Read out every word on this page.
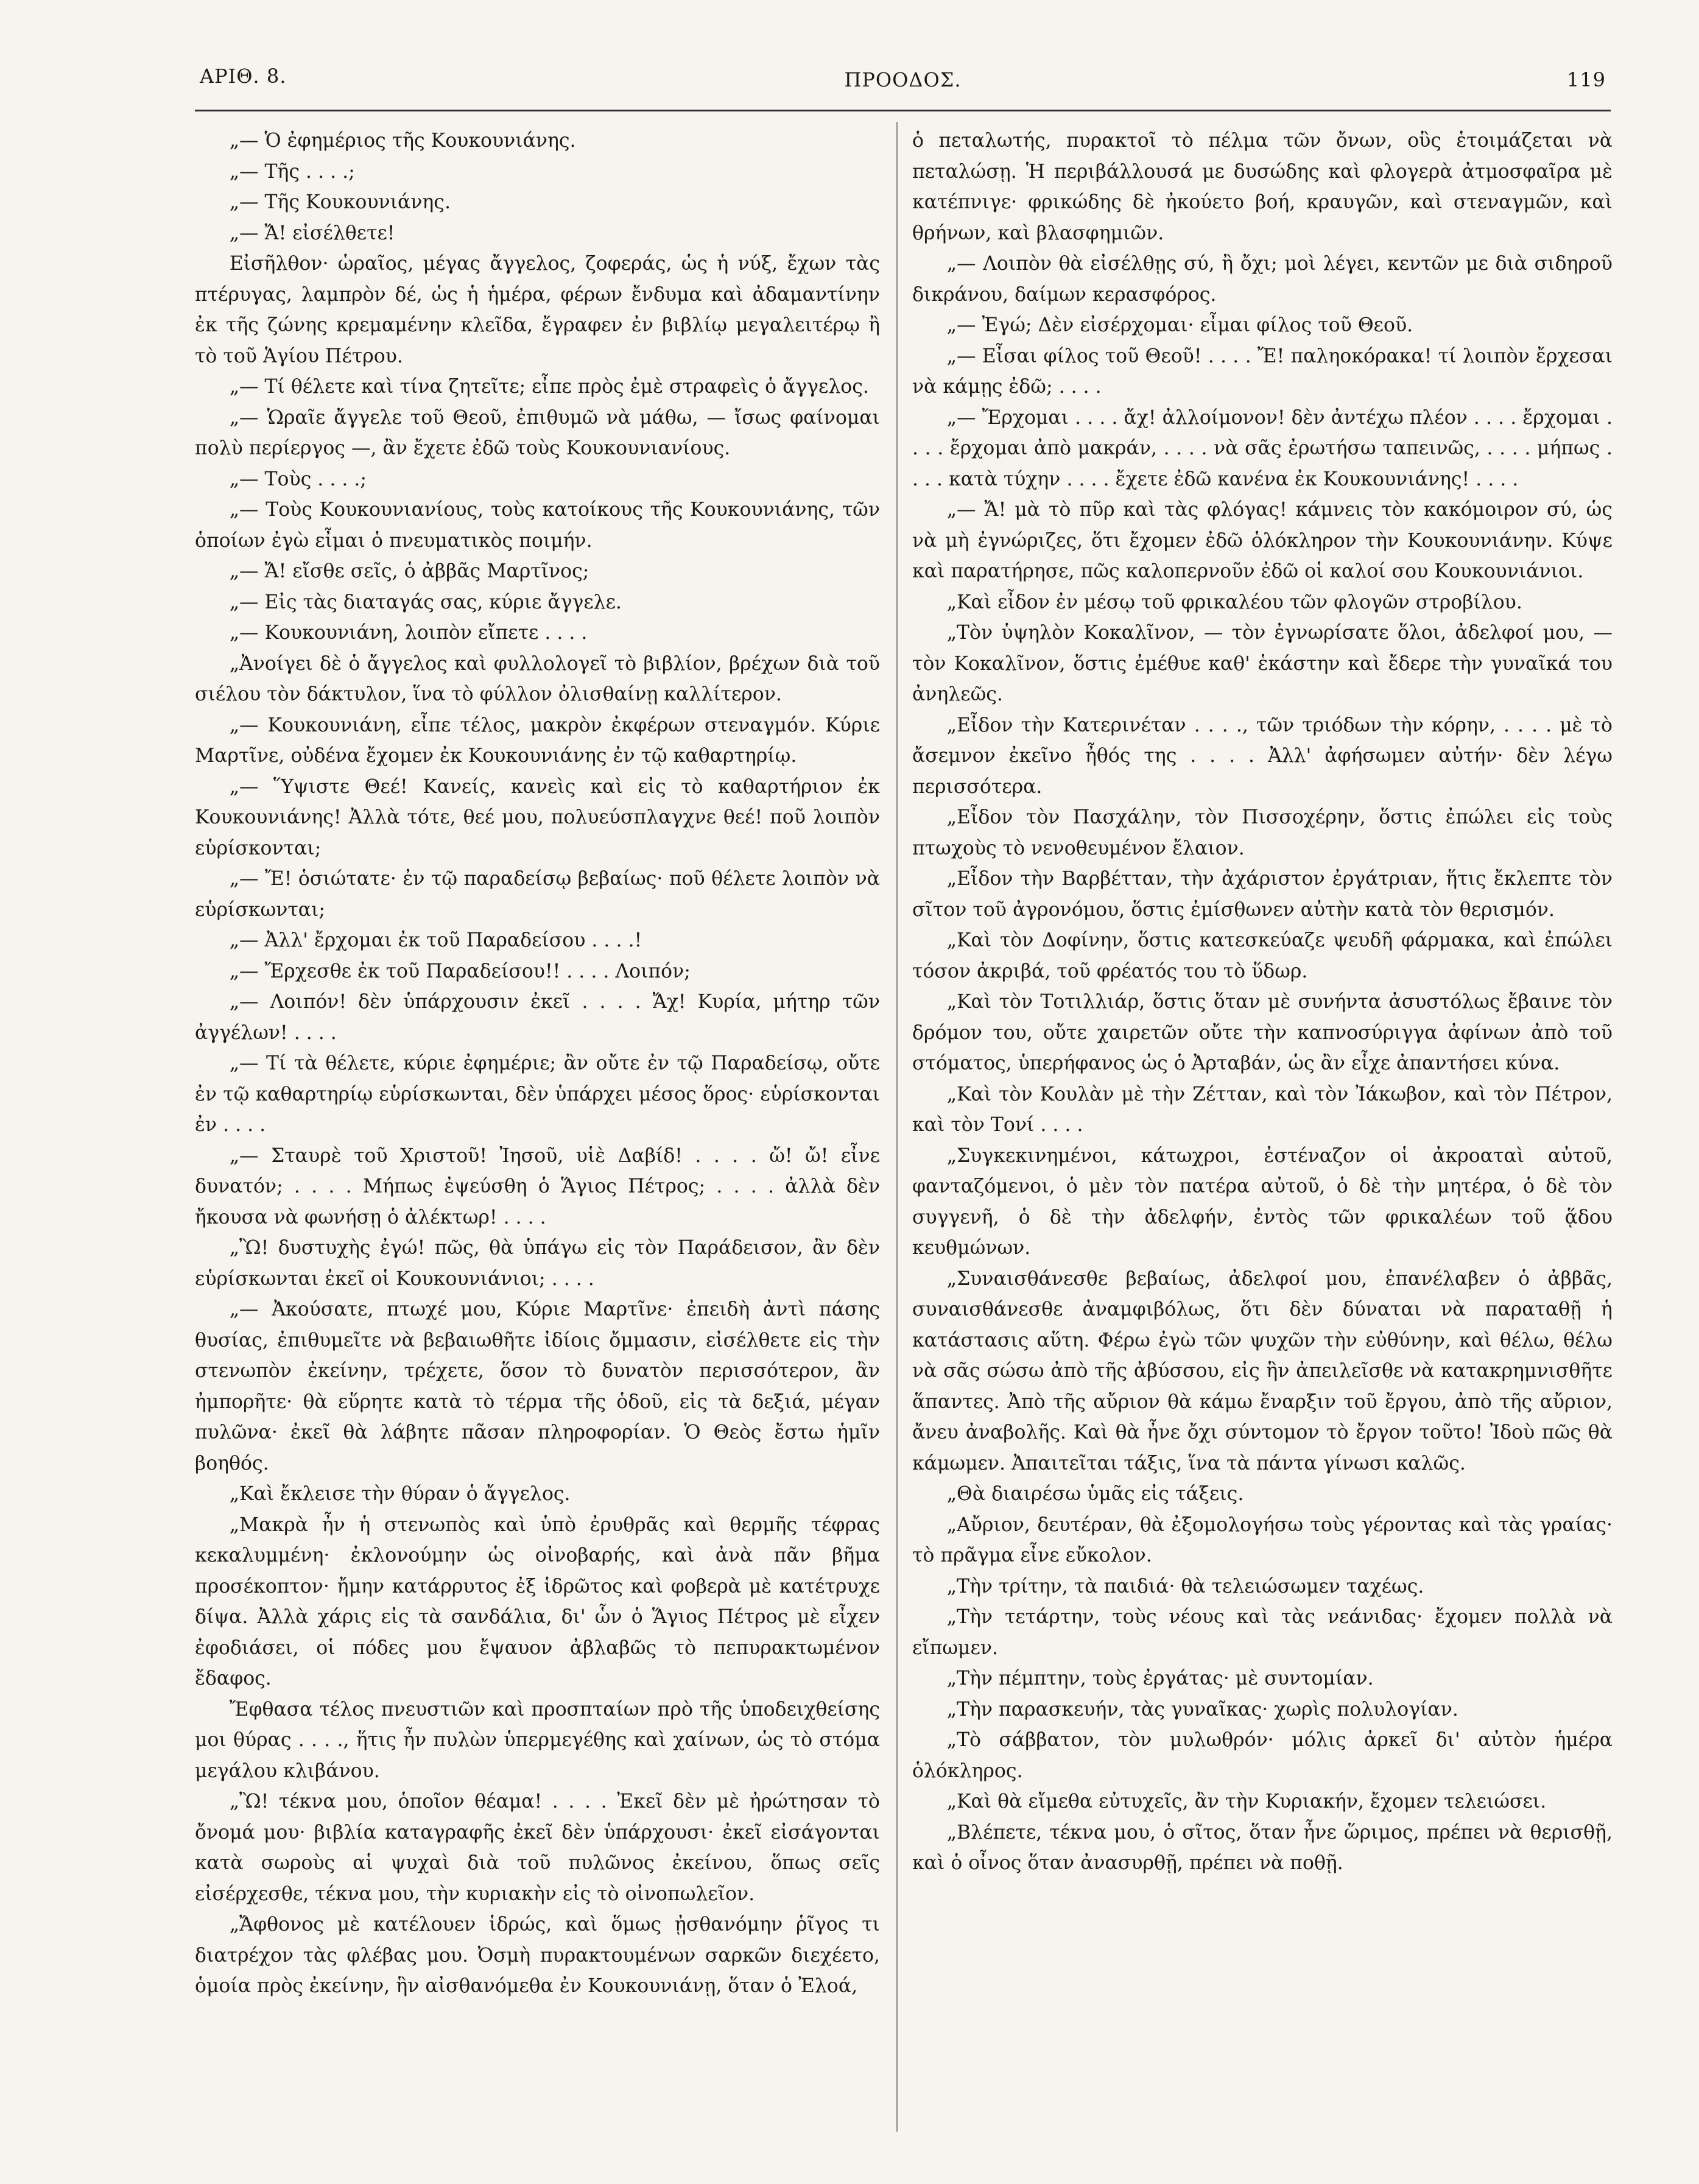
ΑΡΙΘ. 8.	ΠΡΟΟΔΟΣ.	119

„— Ὁ ἐφημέριος τῆς Κουκουνιάνης.

„— Τῆς . . . .;

„— Τῆς Κουκουνιάνης.

„— Ἄ! εἰσέλθετε!

Εἰσῆλθον· ὡραῖος, μέγας ἄγγελος, ζοφεράς, ὡς ἡ νύξ, ἔχων τὰς πτέρυγας, λαμπρὸν δέ, ὡς ἡ ἡμέρα, φέρων ἔνδυμα καὶ ἀδαμαντίνην ἐκ τῆς ζώνης κρεμαμένην κλεῖδα, ἔγραφεν ἐν βιβλίῳ μεγαλειτέρῳ ἢ τὸ τοῦ Ἁγίου Πέτρου.

„— Τί θέλετε καὶ τίνα ζητεῖτε; εἶπε πρὸς ἐμὲ στραφεὶς ὁ ἄγγελος.

„— Ὡραῖε ἄγγελε τοῦ Θεοῦ, ἐπιθυμῶ νὰ μάθω, — ἴσως φαίνομαι πολὺ περίεργος —, ἂν ἔχετε ἐδῶ τοὺς Κουκουνιανίους.

„— Τοὺς . . . .;

„— Τοὺς Κουκουνιανίους, τοὺς κατοίκους τῆς Κουκουνιάνης, τῶν ὁποίων ἐγὼ εἶμαι ὁ πνευματικὸς ποιμήν.

„— Ἄ! εἴσθε σεῖς, ὁ ἀββᾶς Μαρτῖνος;

„— Εἰς τὰς διαταγάς σας, κύριε ἄγγελε.

„— Κουκουνιάνη, λοιπὸν εἴπετε . . . .

„Ἀνοίγει δὲ ὁ ἄγγελος καὶ φυλλολογεῖ τὸ βιβλίον, βρέχων διὰ τοῦ σιέλου τὸν δάκτυλον, ἵνα τὸ φύλλον ὀλισθαίνῃ καλλίτερον.

„— Κουκουνιάνη, εἶπε τέλος, μακρὸν ἐκφέρων στεναγμόν. Κύριε Μαρτῖνε, οὐδένα ἔχομεν ἐκ Κουκουνιάνης ἐν τῷ καθαρτηρίῳ.

„— Ὕψιστε Θεέ! Κανείς, κανεὶς καὶ εἰς τὸ καθαρτήριον ἐκ Κουκουνιάνης! Ἀλλὰ τότε, θεέ μου, πολυεύσπλαγχνε θεέ! ποῦ λοιπὸν εὑρίσκονται;

„— Ἔ! ὁσιώτατε· ἐν τῷ παραδείσῳ βεβαίως· ποῦ θέλετε λοιπὸν νὰ εὑρίσκωνται;

„— Ἀλλ' ἔρχομαι ἐκ τοῦ Παραδείσου . . . .!

„— Ἔρχεσθε ἐκ τοῦ Παραδείσου!! . . . . Λοιπόν;

„— Λοιπόν! δὲν ὑπάρχουσιν ἐκεῖ . . . . Ἄχ! Κυρία, μήτηρ τῶν ἀγγέλων! . . . .

„— Τί τὰ θέλετε, κύριε ἐφημέριε; ἂν οὔτε ἐν τῷ Παραδείσῳ, οὔτε ἐν τῷ καθαρτηρίῳ εὑρίσκωνται, δὲν ὑπάρχει μέσος ὅρος· εὑρίσκονται ἐν . . . .

„— Σταυρὲ τοῦ Χριστοῦ! Ἰησοῦ, υἱὲ Δαβίδ! . . . . ὤ! ὤ! εἶνε δυνατόν; . . . . Μήπως ἐψεύσθη ὁ Ἅγιος Πέτρος; . . . . ἀλλὰ δὲν ἤκουσα νὰ φωνήσῃ ὁ ἀλέκτωρ! . . . .

„Ὢ! δυστυχὴς ἐγώ! πῶς, θὰ ὑπάγω εἰς τὸν Παράδεισον, ἂν δὲν εὑρίσκωνται ἐκεῖ οἱ Κουκουνιάνιοι; . . . .

„— Ἀκούσατε, πτωχέ μου, Κύριε Μαρτῖνε· ἐπειδὴ ἀντὶ πάσης θυσίας, ἐπιθυμεῖτε νὰ βεβαιωθῆτε ἰδίοις ὄμμασιν, εἰσέλθετε εἰς τὴν στενωπὸν ἐκείνην, τρέχετε, ὅσον τὸ δυνατὸν περισσότερον, ἂν ἠμπορῆτε· θὰ εὕρητε κατὰ τὸ τέρμα τῆς ὁδοῦ, εἰς τὰ δεξιά, μέγαν πυλῶνα· ἐκεῖ θὰ λάβητε πᾶσαν πληροφορίαν. Ὁ Θεὸς ἔστω ἡμῖν βοηθός.

„Καὶ ἔκλεισε τὴν θύραν ὁ ἄγγελος.

„Μακρὰ ἦν ἡ στενωπὸς καὶ ὑπὸ ἐρυθρᾶς καὶ θερμῆς τέφρας κεκαλυμμένη· ἐκλονούμην ὡς οἰνοβαρής, καὶ ἀνὰ πᾶν βῆμα προσέκοπτον· ἤμην κατάρρυτος ἐξ ἱδρῶτος καὶ φοβερὰ μὲ κατέτρυχε δίψα. Ἀλλὰ χάρις εἰς τὰ σανδάλια, δι' ὧν ὁ Ἅγιος Πέτρος μὲ εἶχεν ἐφοδιάσει, οἱ πόδες μου ἔψαυον ἀβλαβῶς τὸ πεπυρακτωμένον ἔδαφος.

Ἔφθασα τέλος πνευστιῶν καὶ προσπταίων πρὸ τῆς ὑποδειχθείσης μοι θύρας . . . ., ἥτις ἦν πυλὼν ὑπερμεγέθης καὶ χαίνων, ὡς τὸ στόμα μεγάλου κλιβάνου.

„Ὢ! τέκνα μου, ὁποῖον θέαμα! . . . . Ἐκεῖ δὲν μὲ ἠρώτησαν τὸ ὄνομά μου· βιβλία καταγραφῆς ἐκεῖ δὲν ὑπάρχουσι· ἐκεῖ εἰσάγονται κατὰ σωροὺς αἱ ψυχαὶ διὰ τοῦ πυλῶνος ἐκείνου, ὅπως σεῖς εἰσέρχεσθε, τέκνα μου, τὴν κυριακὴν εἰς τὸ οἰνοπωλεῖον.

„Ἄφθονος μὲ κατέλουεν ἱδρώς, καὶ ὅμως ᾐσθανόμην ῥῖγος τι διατρέχον τὰς φλέβας μου. Ὀσμὴ πυρακτουμένων σαρκῶν διεχέετο, ὁμοία πρὸς ἐκείνην, ἣν αἰσθανόμεθα ἐν Κουκουνιάνῃ, ὅταν ὁ Ἐλοά,

ὁ πεταλωτής, πυρακτοῖ τὸ πέλμα τῶν ὄνων, οὓς ἑτοιμάζεται νὰ πεταλώσῃ. Ἡ περιβάλλουσά με δυσώδης καὶ φλογερὰ ἀτμοσφαῖρα μὲ κατέπνιγε· φρικώδης δὲ ἠκούετο βοή, κραυγῶν, καὶ στεναγμῶν, καὶ θρήνων, καὶ βλασφημιῶν.

„— Λοιπὸν θὰ εἰσέλθῃς σύ, ἢ ὄχι; μοὶ λέγει, κεντῶν με διὰ σιδηροῦ δικράνου, δαίμων κερασφόρος.

„— Ἐγώ; Δὲν εἰσέρχομαι· εἶμαι φίλος τοῦ Θεοῦ.

„— Εἶσαι φίλος τοῦ Θεοῦ! . . . . Ἔ! παληοκόρακα! τί λοιπὸν ἔρχεσαι νὰ κάμῃς ἐδῶ; . . . .

„— Ἔρχομαι . . . . ἄχ! ἀλλοίμονον! δὲν ἀντέχω πλέον . . . . ἔρχομαι . . . . ἔρχομαι ἀπὸ μακράν, . . . . νὰ σᾶς ἐρωτήσω ταπεινῶς, . . . . μήπως . . . . κατὰ τύχην . . . . ἔχετε ἐδῶ κανένα ἐκ Κουκουνιάνης! . . . .

„— Ἄ! μὰ τὸ πῦρ καὶ τὰς φλόγας! κάμνεις τὸν κακόμοιρον σύ, ὡς νὰ μὴ ἐγνώριζες, ὅτι ἔχομεν ἐδῶ ὁλόκληρον τὴν Κουκουνιάνην. Κύψε καὶ παρατήρησε, πῶς καλοπερνοῦν ἐδῶ οἱ καλοί σου Κουκουνιάνιοι.

„Καὶ εἶδον ἐν μέσῳ τοῦ φρικαλέου τῶν φλογῶν στροβίλου.

„Τὸν ὑψηλὸν Κοκαλῖνον, — τὸν ἐγνωρίσατε ὅλοι, ἀδελφοί μου, — τὸν Κοκαλῖνον, ὅστις ἐμέθυε καθ' ἑκάστην καὶ ἔδερε τὴν γυναῖκά του ἀνηλεῶς.

„Εἶδον τὴν Κατερινέταν . . . ., τῶν τριόδων τὴν κόρην, . . . . μὲ τὸ ἄσεμνον ἐκεῖνο ἦθός της . . . . Ἀλλ' ἀφήσωμεν αὐτήν· δὲν λέγω περισσότερα.

„Εἶδον τὸν Πασχάλην, τὸν Πισσοχέρην, ὅστις ἐπώλει εἰς τοὺς πτωχοὺς τὸ νενοθευμένον ἔλαιον.

„Εἶδον τὴν Βαρβέτταν, τὴν ἀχάριστον ἐργάτριαν, ἥτις ἔκλεπτε τὸν σῖτον τοῦ ἀγρονόμου, ὅστις ἐμίσθωνεν αὐτὴν κατὰ τὸν θερισμόν.

„Καὶ τὸν Δοφίνην, ὅστις κατεσκεύαζε ψευδῆ φάρμακα, καὶ ἐπώλει τόσον ἀκριβά, τοῦ φρέατός του τὸ ὕδωρ.

„Καὶ τὸν Τοτιλλιάρ, ὅστις ὅταν μὲ συνήντα ἀσυστόλως ἔβαινε τὸν δρόμον του, οὔτε χαιρετῶν οὔτε τὴν καπνοσύριγγα ἀφίνων ἀπὸ τοῦ στόματος, ὑπερήφανος ὡς ὁ Ἀρταβάν, ὡς ἂν εἶχε ἀπαντήσει κύνα.

„Καὶ τὸν Κουλὰν μὲ τὴν Ζέτταν, καὶ τὸν Ἰάκωβον, καὶ τὸν Πέτρον, καὶ τὸν Τονί . . . .

„Συγκεκινημένοι, κάτωχροι, ἐστέναζον οἱ ἀκροαταὶ αὐτοῦ, φανταζόμενοι, ὁ μὲν τὸν πατέρα αὐτοῦ, ὁ δὲ τὴν μητέρα, ὁ δὲ τὸν συγγενῆ, ὁ δὲ τὴν ἀδελφήν, ἐντὸς τῶν φρικαλέων τοῦ ᾅδου κευθμώνων.

„Συναισθάνεσθε βεβαίως, ἀδελφοί μου, ἐπανέλαβεν ὁ ἀββᾶς, συναισθάνεσθε ἀναμφιβόλως, ὅτι δὲν δύναται νὰ παραταθῇ ἡ κατάστασις αὕτη. Φέρω ἐγὼ τῶν ψυχῶν τὴν εὐθύνην, καὶ θέλω, θέλω νὰ σᾶς σώσω ἀπὸ τῆς ἀβύσσου, εἰς ἣν ἀπειλεῖσθε νὰ κατακρημνισθῆτε ἅπαντες. Ἀπὸ τῆς αὔριον θὰ κάμω ἔναρξιν τοῦ ἔργου, ἀπὸ τῆς αὔριον, ἄνευ ἀναβολῆς. Καὶ θὰ ἦνε ὄχι σύντομον τὸ ἔργον τοῦτο! Ἰδοὺ πῶς θὰ κάμωμεν. Ἀπαιτεῖται τάξις, ἵνα τὰ πάντα γίνωσι καλῶς.

„Θὰ διαιρέσω ὑμᾶς εἰς τάξεις.

„Αὔριον, δευτέραν, θὰ ἐξομολογήσω τοὺς γέροντας καὶ τὰς γραίας· τὸ πρᾶγμα εἶνε εὔκολον.

„Τὴν τρίτην, τὰ παιδιά· θὰ τελειώσωμεν ταχέως.

„Τὴν τετάρτην, τοὺς νέους καὶ τὰς νεάνιδας· ἔχομεν πολλὰ νὰ εἴπωμεν.

„Τὴν πέμπτην, τοὺς ἐργάτας· μὲ συντομίαν.

„Τὴν παρασκευήν, τὰς γυναῖκας· χωρὶς πολυλογίαν.

„Τὸ σάββατον, τὸν μυλωθρόν· μόλις ἀρκεῖ δι' αὐτὸν ἡμέρα ὁλόκληρος.

„Καὶ θὰ εἴμεθα εὐτυχεῖς, ἂν τὴν Κυριακήν, ἔχομεν τελειώσει.

„Βλέπετε, τέκνα μου, ὁ σῖτος, ὅταν ἦνε ὥριμος, πρέπει νὰ θερισθῇ, καὶ ὁ οἶνος ὅταν ἀνασυρθῇ, πρέπει νὰ ποθῇ.
